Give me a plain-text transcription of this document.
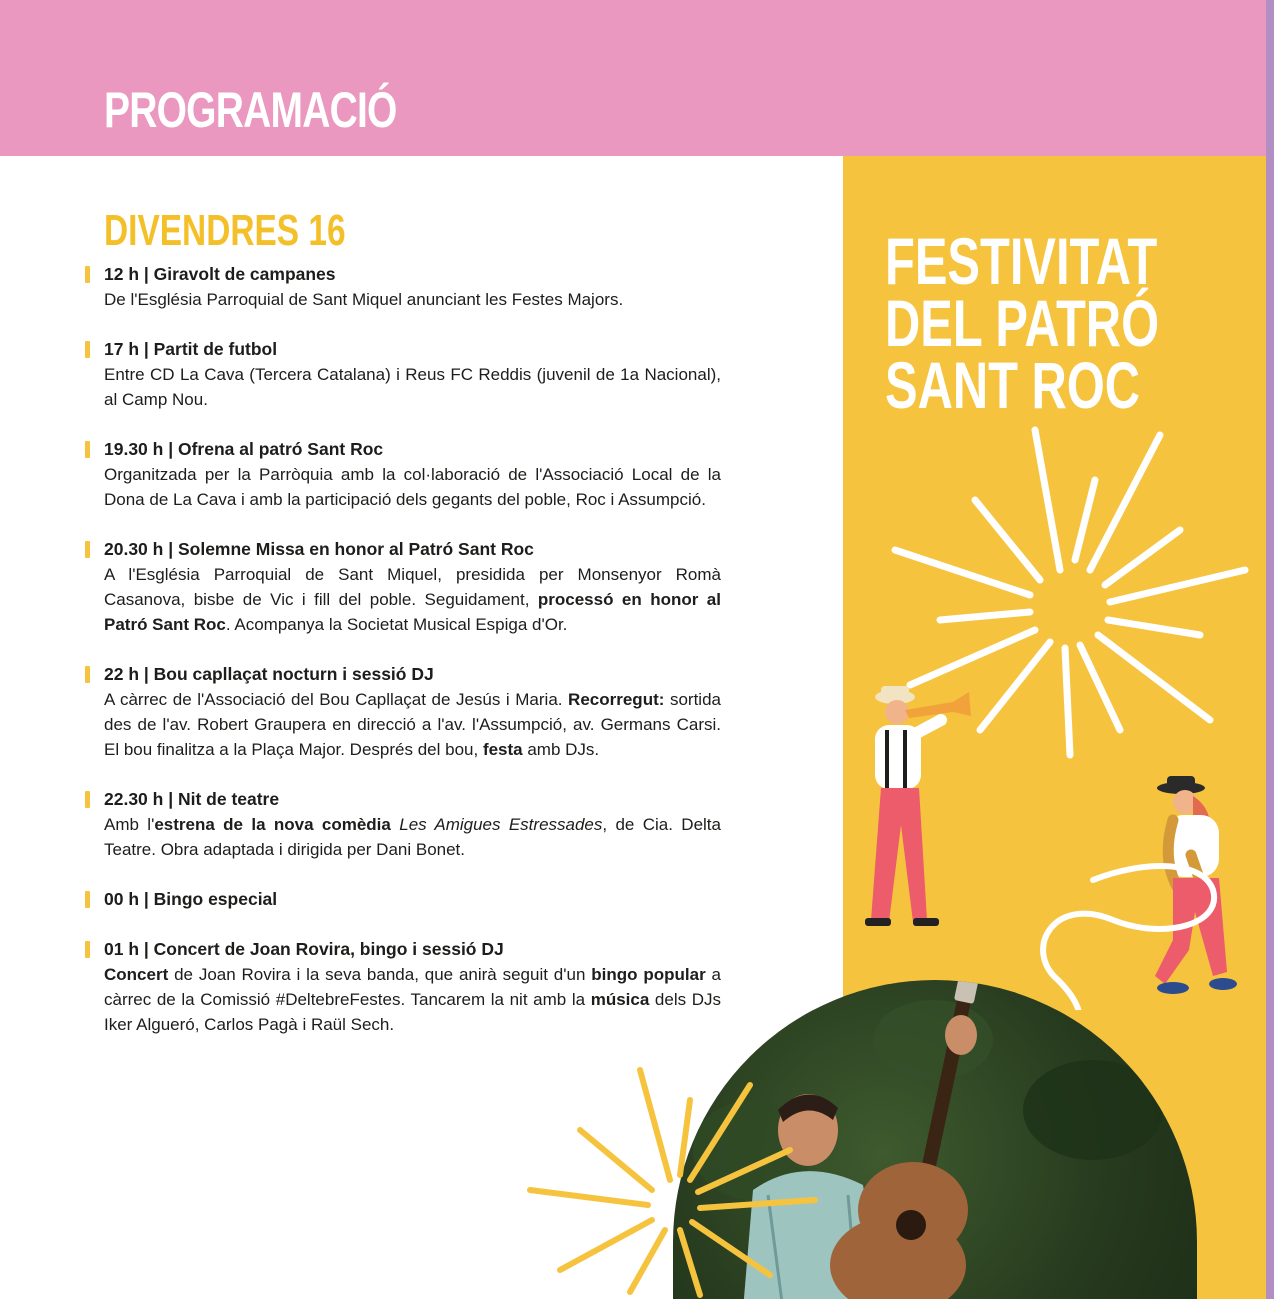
PROGRAMACIÓ
FESTIVITAT
DEL PATRÓ
SANT ROC
DIVENDRES 16
12 h | Giravolt de campanes
De l'Església Parroquial de Sant Miquel anunciant les Festes Majors.
17 h | Partit de futbol
Entre CD La Cava (Tercera Catalana) i Reus FC Reddis (juvenil de 1a Nacional), al Camp Nou.
19.30 h | Ofrena al patró Sant Roc
Organitzada per la Parròquia amb la col·laboració de l'Associació Local de la Dona de La Cava i amb la participació dels gegants del poble, Roc i Assumpció.
20.30 h | Solemne Missa en honor al Patró Sant Roc
A l'Església Parroquial de Sant Miquel, presidida per Monsenyor Romà Casanova, bisbe de Vic i fill del poble. Seguidament, processó en honor al Patró Sant Roc. Acompanya la Societat Musical Espiga d'Or.
22 h | Bou capllaçat nocturn i sessió DJ
A càrrec de l'Associació del Bou Capllaçat de Jesús i Maria. Recorregut: sortida des de l'av. Robert Graupera en direcció a l'av. l'Assumpció, av. Germans Carsi. El bou finalitza a la Plaça Major. Després del bou, festa amb DJs.
22.30 h | Nit de teatre
Amb l'estrena de la nova comèdia Les Amigues Estressades, de Cia. Delta Teatre. Obra adaptada i dirigida per Dani Bonet.
00 h | Bingo especial
01 h | Concert de Joan Rovira, bingo i sessió DJ
Concert de Joan Rovira i la seva banda, que anirà seguit d'un bingo popular a càrrec de la Comissió #DeltebreFestes. Tancarem la nit amb la música dels DJs Iker Algueró, Carlos Pagà i Raül Sech.
